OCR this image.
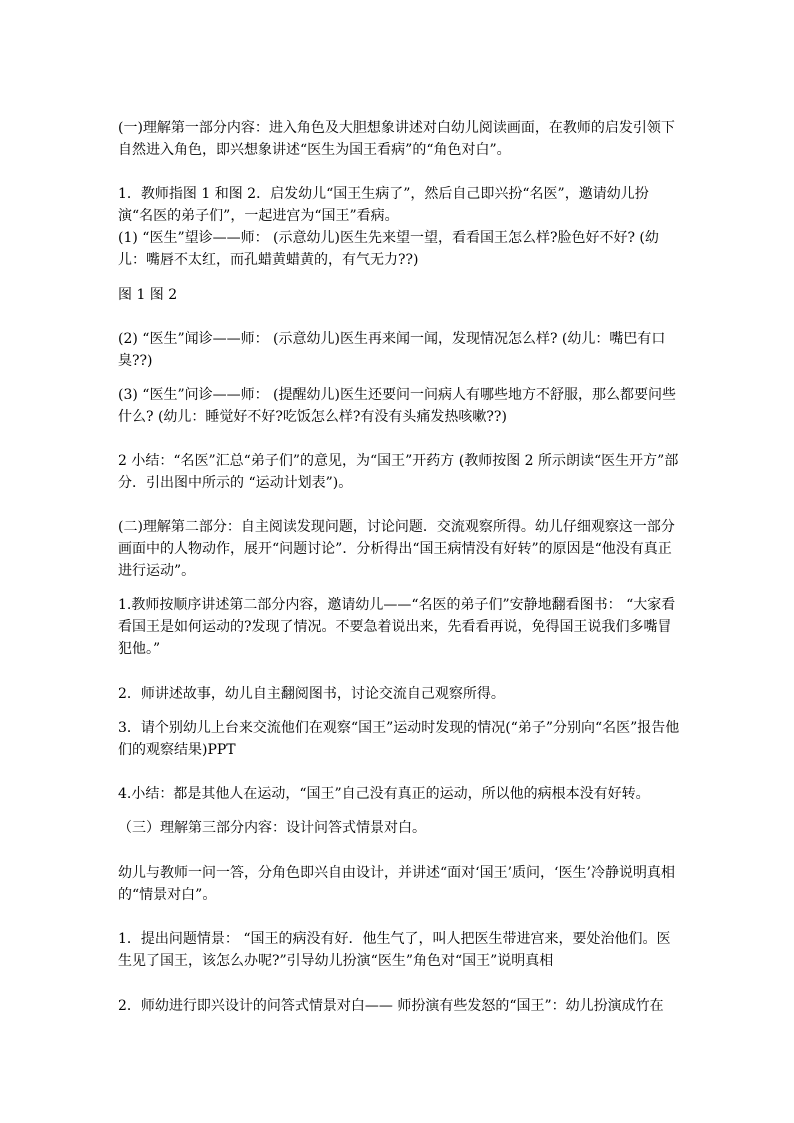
(一)理解第一部分内容：进入角色及大胆想象讲述对白幼儿阅读画面，在教师的启发引领下自然进入角色，即兴想象讲述“医生为国王看病”的“角色对白”。

1．教师指图 1 和图 2．启发幼儿“国王生病了”，然后自己即兴扮“名医”，邀请幼儿扮演“名医的弟子们”，一起进宫为“国王”看病。

(1) “医生”望诊——师： (示意幼儿)医生先来望一望，看看国王怎么样?脸色好不好? (幼儿：嘴唇不太红，而孔蜡黄蜡黄的，有气无力??)

图 1 图 2

(2) “医生”闻诊——师： (示意幼儿)医生再来闻一闻，发现情况怎么样? (幼儿：嘴巴有口臭??)

(3) “医生”问诊——师： (提醒幼儿)医生还要问一问病人有哪些地方不舒服，那么都要问些什么? (幼儿：睡觉好不好?吃饭怎么样?有没有头痛发热咳嗽??)

2 小结：“名医”汇总“弟子们”的意见，为“国王”开药方 (教师按图 2 所示朗读“医生开方”部分．引出图中所示的 “运动计划表”)。

(二)理解第二部分：自主阅读发现问题，讨论问题．交流观察所得。幼儿仔细观察这一部分画面中的人物动作，展开“问题讨论”．分析得出“国王病情没有好转”的原因是“他没有真正进行运动”。

1.教师按顺序讲述第二部分内容，邀请幼儿——“名医的弟子们”安静地翻看图书： “大家看看国王是如何运动的?发现了情况。不要急着说出来，先看看再说，免得国王说我们多嘴冒犯他。”

2．师讲述故事，幼儿自主翻阅图书，讨论交流自己观察所得。

3．请个别幼儿上台来交流他们在观察“国王”运动时发现的情况(“弟子”分别向“名医”报告他们的观察结果)PPT

4.小结：都是其他人在运动，“国王”自己没有真正的运动，所以他的病根本没有好转。

（三）理解第三部分内容：设计问答式情景对白。

幼儿与教师一问一答，分角色即兴自由设计，并讲述“面对‘国王’质问，‘医生’冷静说明真相的“情景对白”。

1．提出问题情景： “国王的病没有好．他生气了，叫人把医生带进宫来，要处治他们。医生见了国王，该怎么办呢?”引导幼儿扮演“医生”角色对“国王”说明真相

2．师幼进行即兴设计的问答式情景对白—— 师扮演有些发怒的“国王”：幼儿扮演成竹在
